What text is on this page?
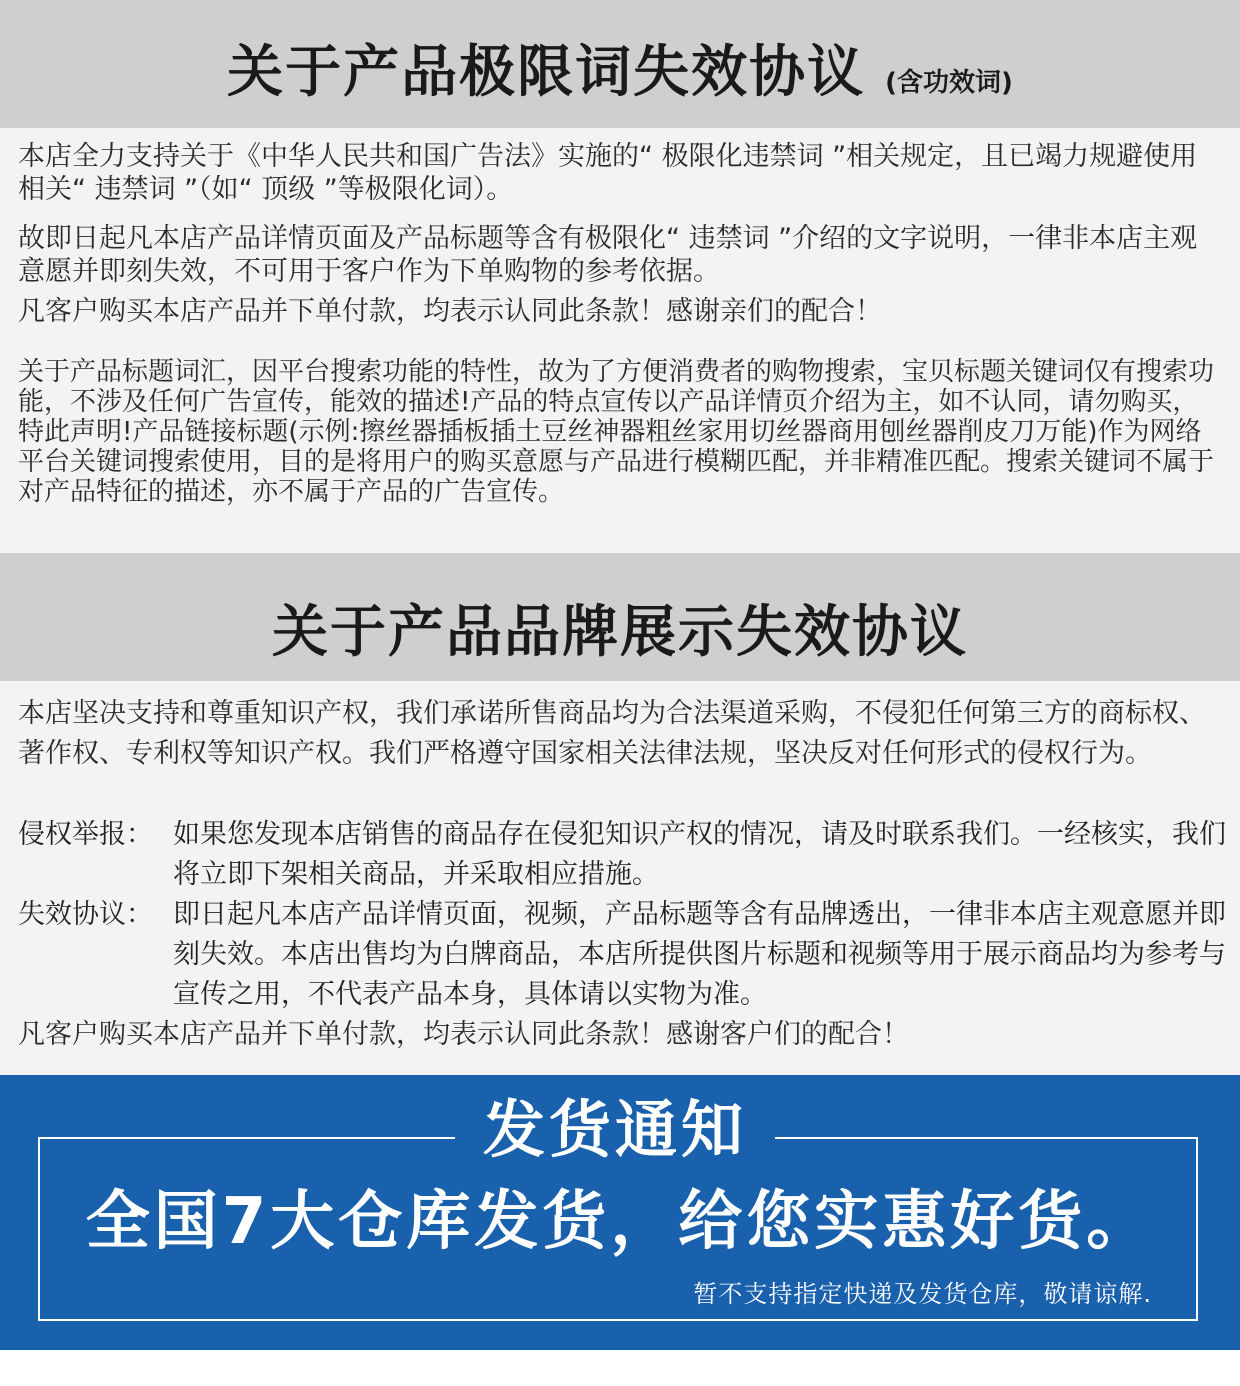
关于产品极限词失效协议 (含功效词)

本店全力支持关于《中华人民共和国广告法》实施的“ 极限化违禁词 ”相关规定，且已竭力规避使用相关“ 违禁词 ”（如“ 顶级 ”等极限化词）。

故即日起凡本店产品详情页面及产品标题等含有极限化“ 违禁词 ”介绍的文字说明，一律非本店主观意愿并即刻失效，不可用于客户作为下单购物的参考依据。

凡客户购买本店产品并下单付款，均表示认同此条款！感谢亲们的配合！

关于产品标题词汇，因平台搜索功能的特性，故为了方便消费者的购物搜索，宝贝标题关键词仅有搜索功能，不涉及任何广告宣传，能效的描述!产品的特点宣传以产品详情页介绍为主，如不认同，请勿购买，特此声明!产品链接标题(示例:擦丝器插板插土豆丝神器粗丝家用切丝器商用刨丝器削皮刀万能)作为网络平台关键词搜索使用，目的是将用户的购买意愿与产品进行模糊匹配，并非精准匹配。搜索关键词不属于对产品特征的描述，亦不属于产品的广告宣传。

关于产品品牌展示失效协议

本店坚决支持和尊重知识产权，我们承诺所售商品均为合法渠道采购，不侵犯任何第三方的商标权、著作权、专利权等知识产权。我们严格遵守国家相关法律法规，坚决反对任何形式的侵权行为。

侵权举报： 如果您发现本店销售的商品存在侵犯知识产权的情况，请及时联系我们。一经核实，我们将立即下架相关商品，并采取相应措施。
失效协议： 即日起凡本店产品详情页面，视频，产品标题等含有品牌透出，一律非本店主观意愿并即刻失效。本店出售均为白牌商品，本店所提供图片标题和视频等用于展示商品均为参考与宣传之用，不代表产品本身，具体请以实物为准。

凡客户购买本店产品并下单付款，均表示认同此条款！感谢客户们的配合！

发货通知
全国7大仓库发货，给您实惠好货。
暂不支持指定快递及发货仓库，敬请谅解.
